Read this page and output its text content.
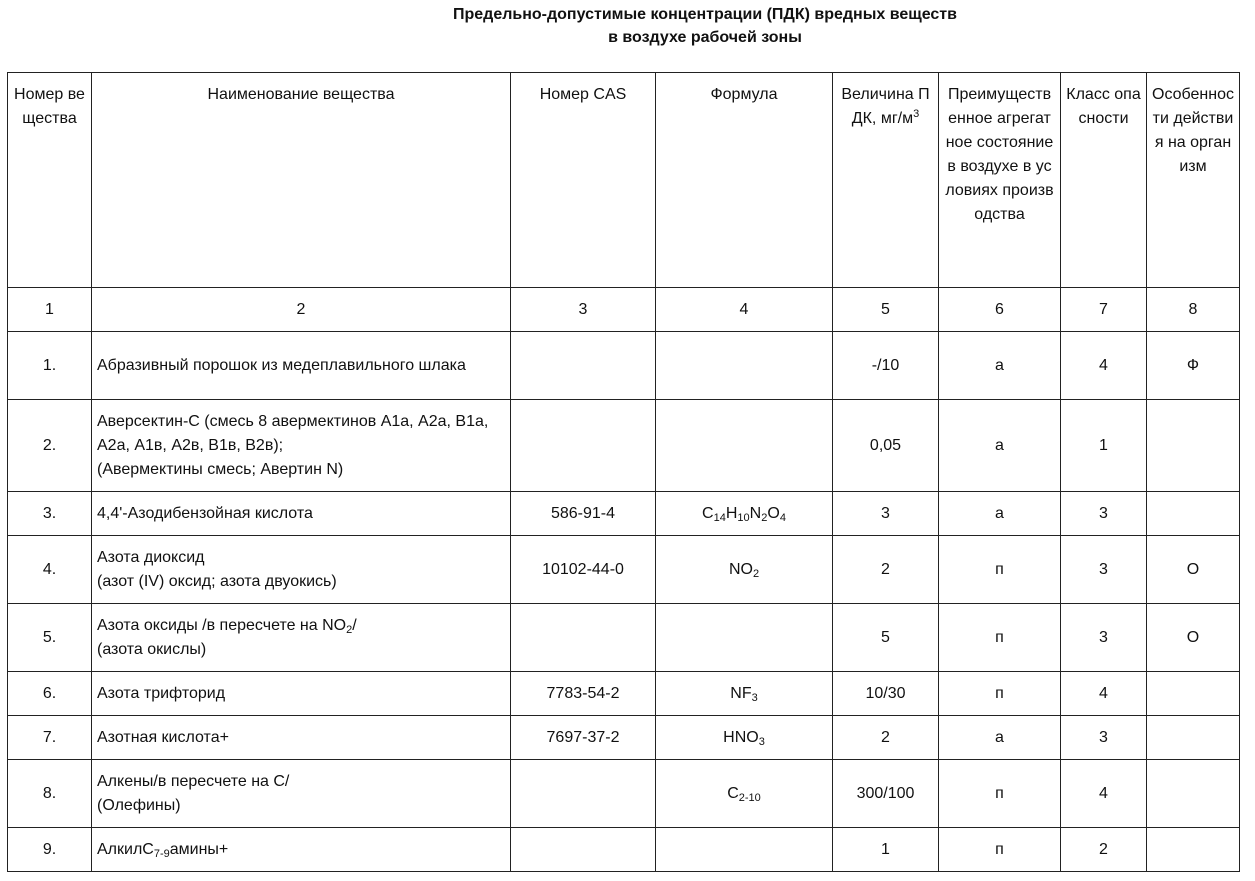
Предельно-допустимые концентрации (ПДК) вредных веществ
в воздухе рабочей зоны
Номер вещества	Наименование вещества	Номер CAS	Формула	Величина ПДК, $мг/м^3$	Преимущественное агрегатное состояние в воздухе в условиях производства	Класс опасности	Особенности действия на организм
1	2	3	4	5	6	7	8
1.	Абразивный порошок из медеплавильного шлака			-/10	а	4	Ф
2.	Аверсектин-С (смесь 8 авермектинов А1а, А2а, В1а, А2а, А1в, А2в, В1в, В2в);
(Авермектины смесь; Авертин N)			0,05	а	1	
3.	4,4'-Азодибензойная кислота	586-91-4	$C_{14}H_{10}N_2O_4$	3	а	3	
4.	Азота диоксид
(азот (IV) оксид; азота двуокись)	10102-44-0	$NO_2$	2	п	3	О
5.	Азота оксиды /в пересчете на $NO_2/$
(азота окислы)			5	п	3	О
6.	Азота трифторид	7783-54-2	$NF_3$	10/30	п	4	
7.	Азотная кислота+	7697-37-2	$HNO_3$	2	а	3	
8.	Алкены/в пересчете на С/
(Олефины)		$C_{2-10}$	300/100	п	4	
9.	АлкилС$_{7-9}$амины+			1	п	2	
